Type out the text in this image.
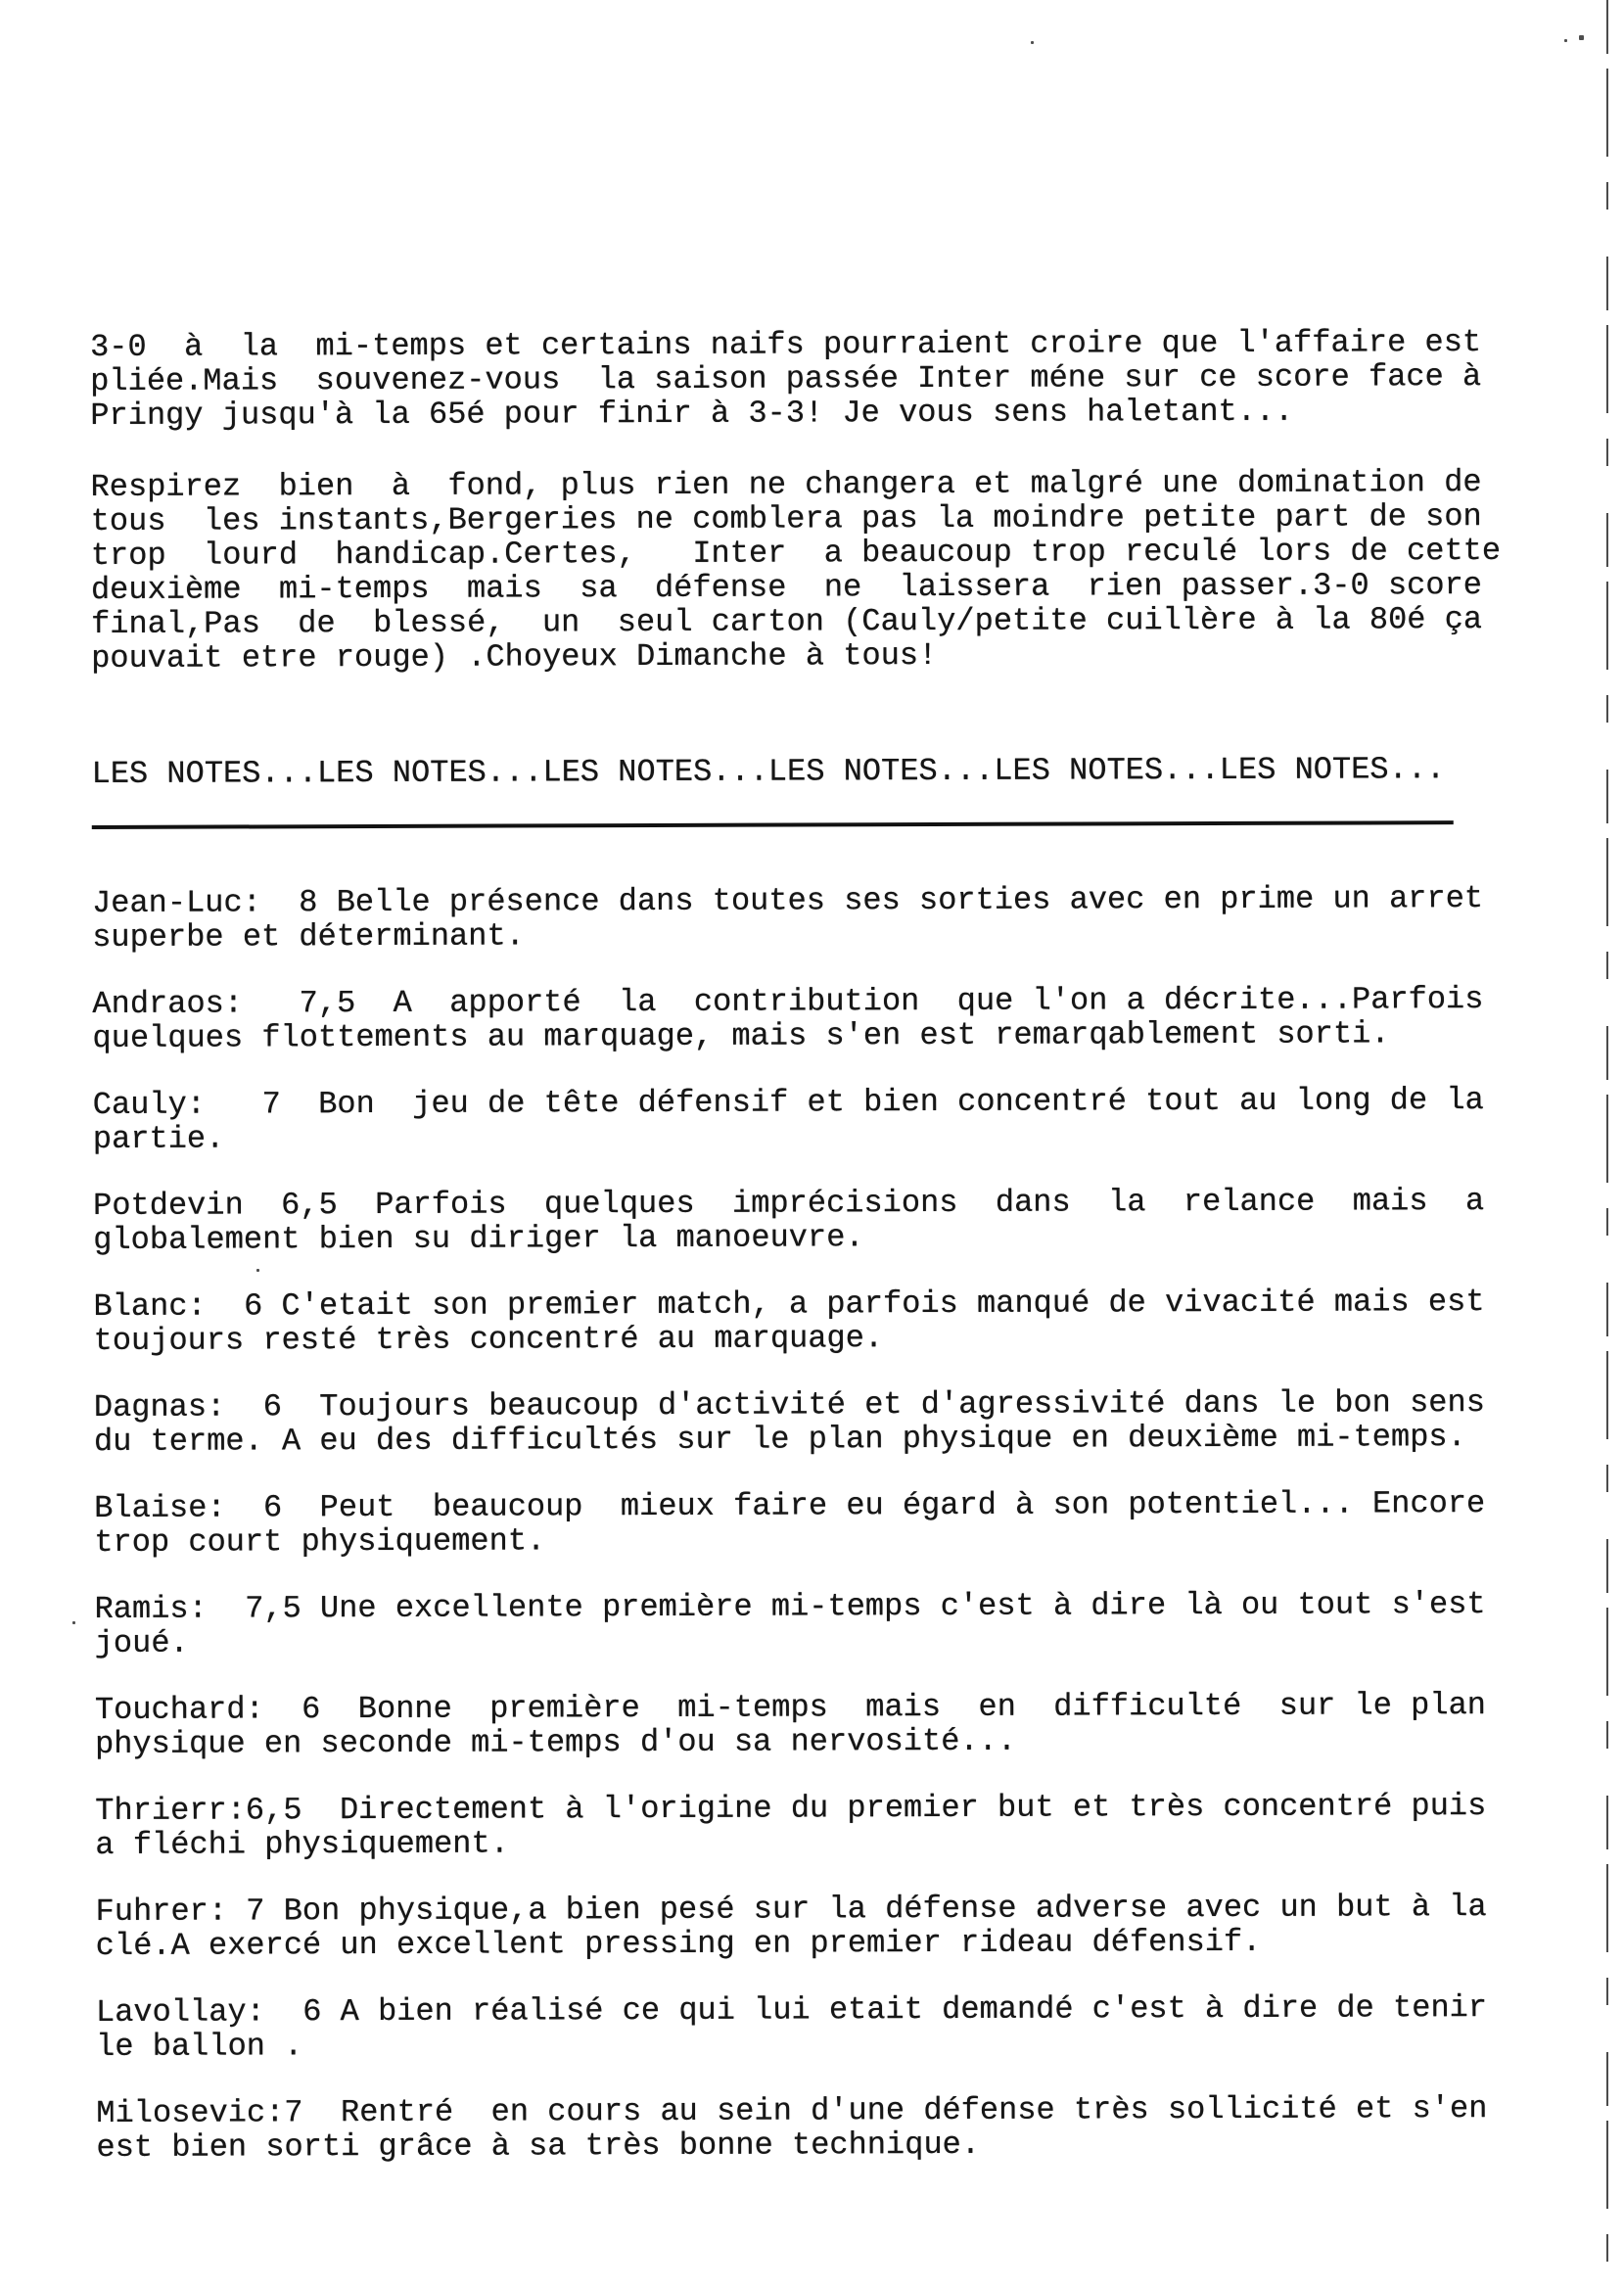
3-0  à  la  mi-temps et certains naifs pourraient croire que l'affaire est
pliée.Mais  souvenez-vous  la saison passée Inter méne sur ce score face à
Pringy jusqu'à la 65é pour finir à 3-3! Je vous sens haletant...

Respirez  bien  à  fond, plus rien ne changera et malgré une domination de
tous  les instants,Bergeries ne comblera pas la moindre petite part de son
trop  lourd  handicap.Certes,   Inter  a beaucoup trop reculé lors de cette
deuxième  mi-temps  mais  sa  défense  ne  laissera  rien passer.3-0 score
final,Pas  de  blessé,  un  seul carton (Cauly/petite cuillère à la 80é ça
pouvait etre rouge) .Choyeux Dimanche à tous!

LES NOTES...LES NOTES...LES NOTES...LES NOTES...LES NOTES...LES NOTES...

Jean-Luc:  8 Belle présence dans toutes ses sorties avec en prime un arret
superbe et déterminant.

Andraos:   7,5  A  apporté  la  contribution  que l'on a décrite...Parfois
quelques flottements au marquage, mais s'en est remarqablement sorti.

Cauly:   7  Bon  jeu de tête défensif et bien concentré tout au long de la
partie.

Potdevin  6,5  Parfois  quelques  imprécisions  dans  la  relance  mais  a
globalement bien su diriger la manoeuvre.

Blanc:  6 C'etait son premier match, a parfois manqué de vivacité mais est
toujours resté très concentré au marquage.

Dagnas:  6  Toujours beaucoup d'activité et d'agressivité dans le bon sens
du terme. A eu des difficultés sur le plan physique en deuxième mi-temps.

Blaise:  6  Peut  beaucoup  mieux faire eu égard à son potentiel... Encore
trop court physiquement.

Ramis:  7,5 Une excellente première mi-temps c'est à dire là ou tout s'est
joué.

Touchard:  6  Bonne  première  mi-temps  mais  en  difficulté  sur le plan
physique en seconde mi-temps d'ou sa nervosité...

Thrierr:6,5  Directement à l'origine du premier but et très concentré puis
a fléchi physiquement.

Fuhrer: 7 Bon physique,a bien pesé sur la défense adverse avec un but à la
clé.A exercé un excellent pressing en premier rideau défensif.

Lavollay:  6 A bien réalisé ce qui lui etait demandé c'est à dire de tenir
le ballon .

Milosevic:7  Rentré  en cours au sein d'une défense très sollicité et s'en
est bien sorti grâce à sa très bonne technique.
